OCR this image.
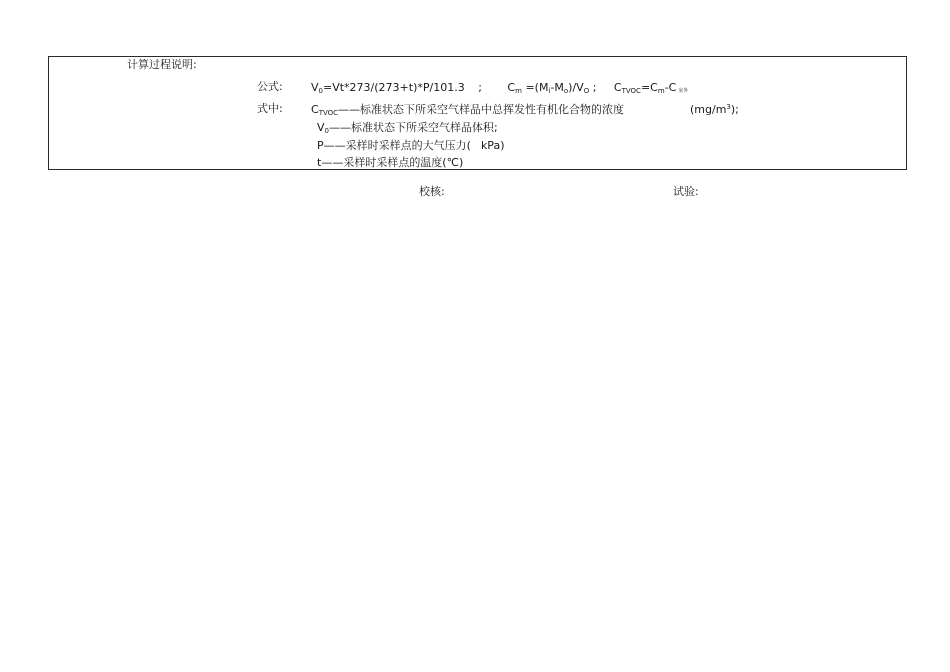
计算过程说明:
公式:	V0=Vt*273/(273+t)*P/101.3 ; Cm =(Mi-Mo)/VO ; CTVOC=Cm-C 室外
式中:	CTVOC——标准状态下所采空气样品中总挥发性有机化合物的浓度	$(mg/m^3)$;
V0——标准状态下所采空气样品体积;
P——采样时采样点的大气压力( kPa)
t——采样时采样点的温度(℃)
校核:	试验:
